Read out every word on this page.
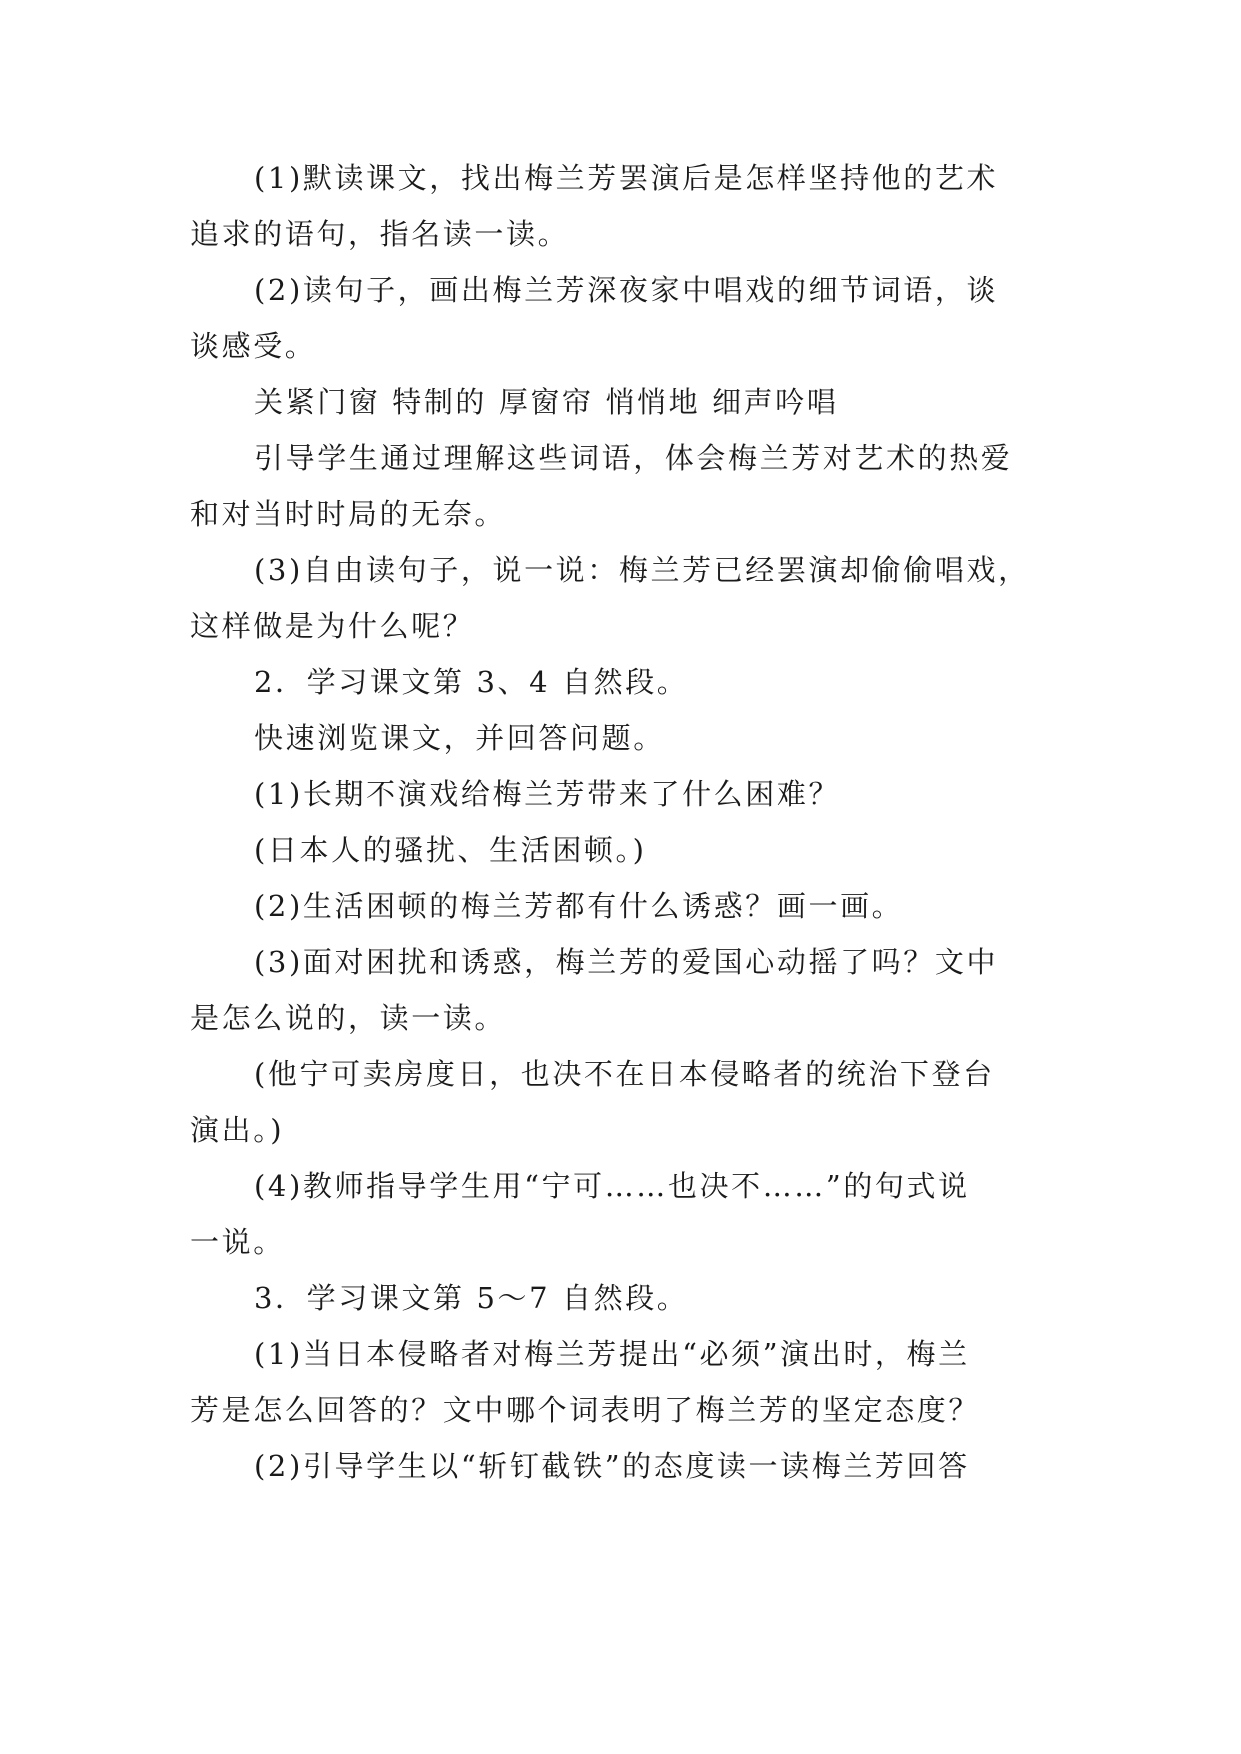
(1)默读课文，找出梅兰芳罢演后是怎样坚持他的艺术
追求的语句，指名读一读。
(2)读句子，画出梅兰芳深夜家中唱戏的细节词语，谈
谈感受。
关紧门窗 特制的 厚窗帘 悄悄地 细声吟唱
引导学生通过理解这些词语，体会梅兰芳对艺术的热爱
和对当时时局的无奈。
(3)自由读句子，说一说：梅兰芳已经罢演却偷偷唱戏，
这样做是为什么呢？
2．学习课文第 3、4 自然段。
快速浏览课文，并回答问题。
(1)长期不演戏给梅兰芳带来了什么困难？
(日本人的骚扰、生活困顿。)
(2)生活困顿的梅兰芳都有什么诱惑？画一画。
(3)面对困扰和诱惑，梅兰芳的爱国心动摇了吗？文中
是怎么说的，读一读。
(他宁可卖房度日，也决不在日本侵略者的统治下登台
演出。)
(4)教师指导学生用“宁可……也决不……”的句式说
一说。
3．学习课文第 5～7 自然段。
(1)当日本侵略者对梅兰芳提出“必须”演出时，梅兰
芳是怎么回答的？文中哪个词表明了梅兰芳的坚定态度？
(2)引导学生以“斩钉截铁”的态度读一读梅兰芳回答
